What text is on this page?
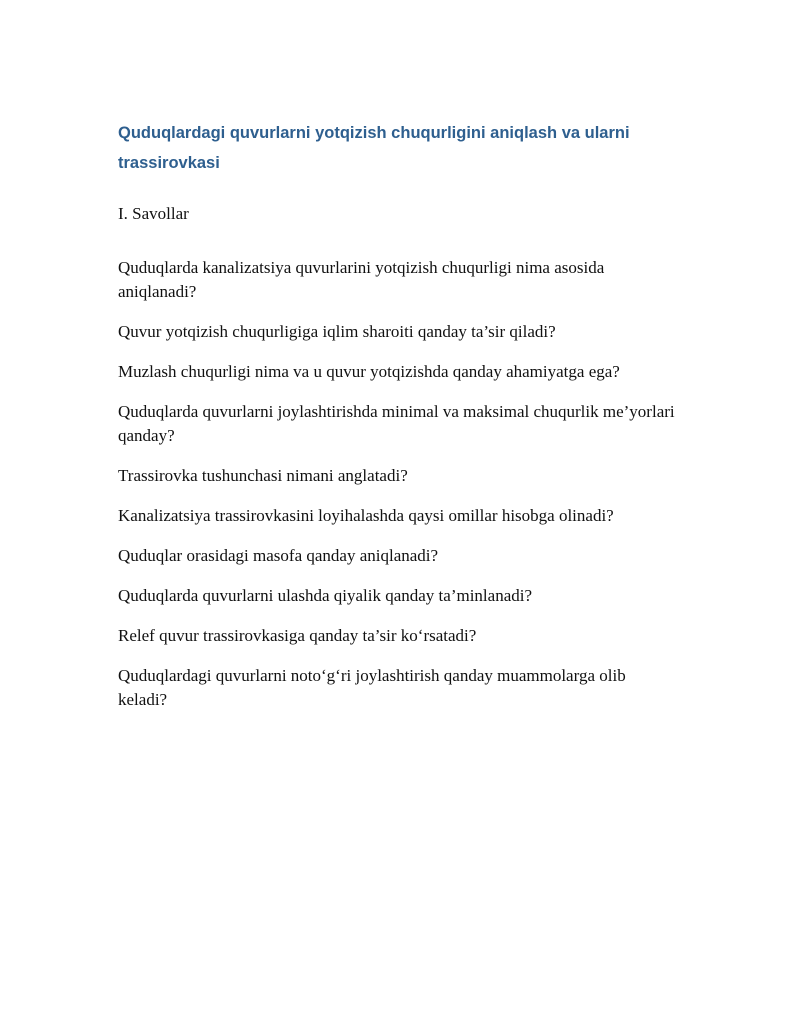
Quduqlardagi quvurlarni yotqizish chuqurligini aniqlash va ularni trassirovkasi

I. Savollar

Quduqlarda kanalizatsiya quvurlarini yotqizish chuqurligi nima asosida aniqlanadi?
Quvur yotqizish chuqurligiga iqlim sharoiti qanday ta’sir qiladi?
Muzlash chuqurligi nima va u quvur yotqizishda qanday ahamiyatga ega?
Quduqlarda quvurlarni joylashtirishda minimal va maksimal chuqurlik me’yorlari qanday?
Trassirovka tushunchasi nimani anglatadi?
Kanalizatsiya trassirovkasini loyihalashda qaysi omillar hisobga olinadi?
Quduqlar orasidagi masofa qanday aniqlanadi?
Quduqlarda quvurlarni ulashda qiyalik qanday ta’minlanadi?
Relef quvur trassirovkasiga qanday ta’sir ko‘rsatadi?
Quduqlardagi quvurlarni noto‘g‘ri joylashtirish qanday muammolarga olib keladi?
